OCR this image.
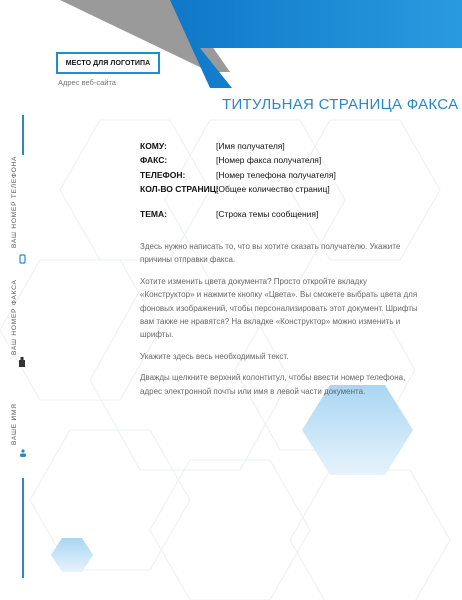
ВАШ НОМЕР ТЕЛЕФОНА
ВАШ НОМЕР ФАКСА
ВАШЕ ИМЯ
МЕСТО ДЛЯ ЛОГОТИПА
Адрес веб-сайта
ТИТУЛЬНАЯ СТРАНИЦА ФАКСА
КОМУ:	[Имя получателя]
ФАКС:	[Номер факса получателя]
ТЕЛЕФОН:	[Номер телефона получателя]
КОЛ-ВО СТРАНИЦ:
[Общее количество страниц]
ТЕМА:	[Строка темы сообщения]

Здесь нужно написать то, что вы хотите сказать получателю. Укажите причины отправки факса.

Хотите изменить цвета документа? Просто откройте вкладку «Конструктор» и нажмите кнопку «Цвета». Вы сможете выбрать цвета для фоновых изображений, чтобы персонализировать этот документ. Шрифты вам также не нравятся? На вкладке «Конструктор» можно изменить и шрифты.

Укажите здесь весь необходимый текст.

Дважды щелкните верхний колонтитул, чтобы ввести номер телефона, адрес электронной почты или имя в левой части документа.
